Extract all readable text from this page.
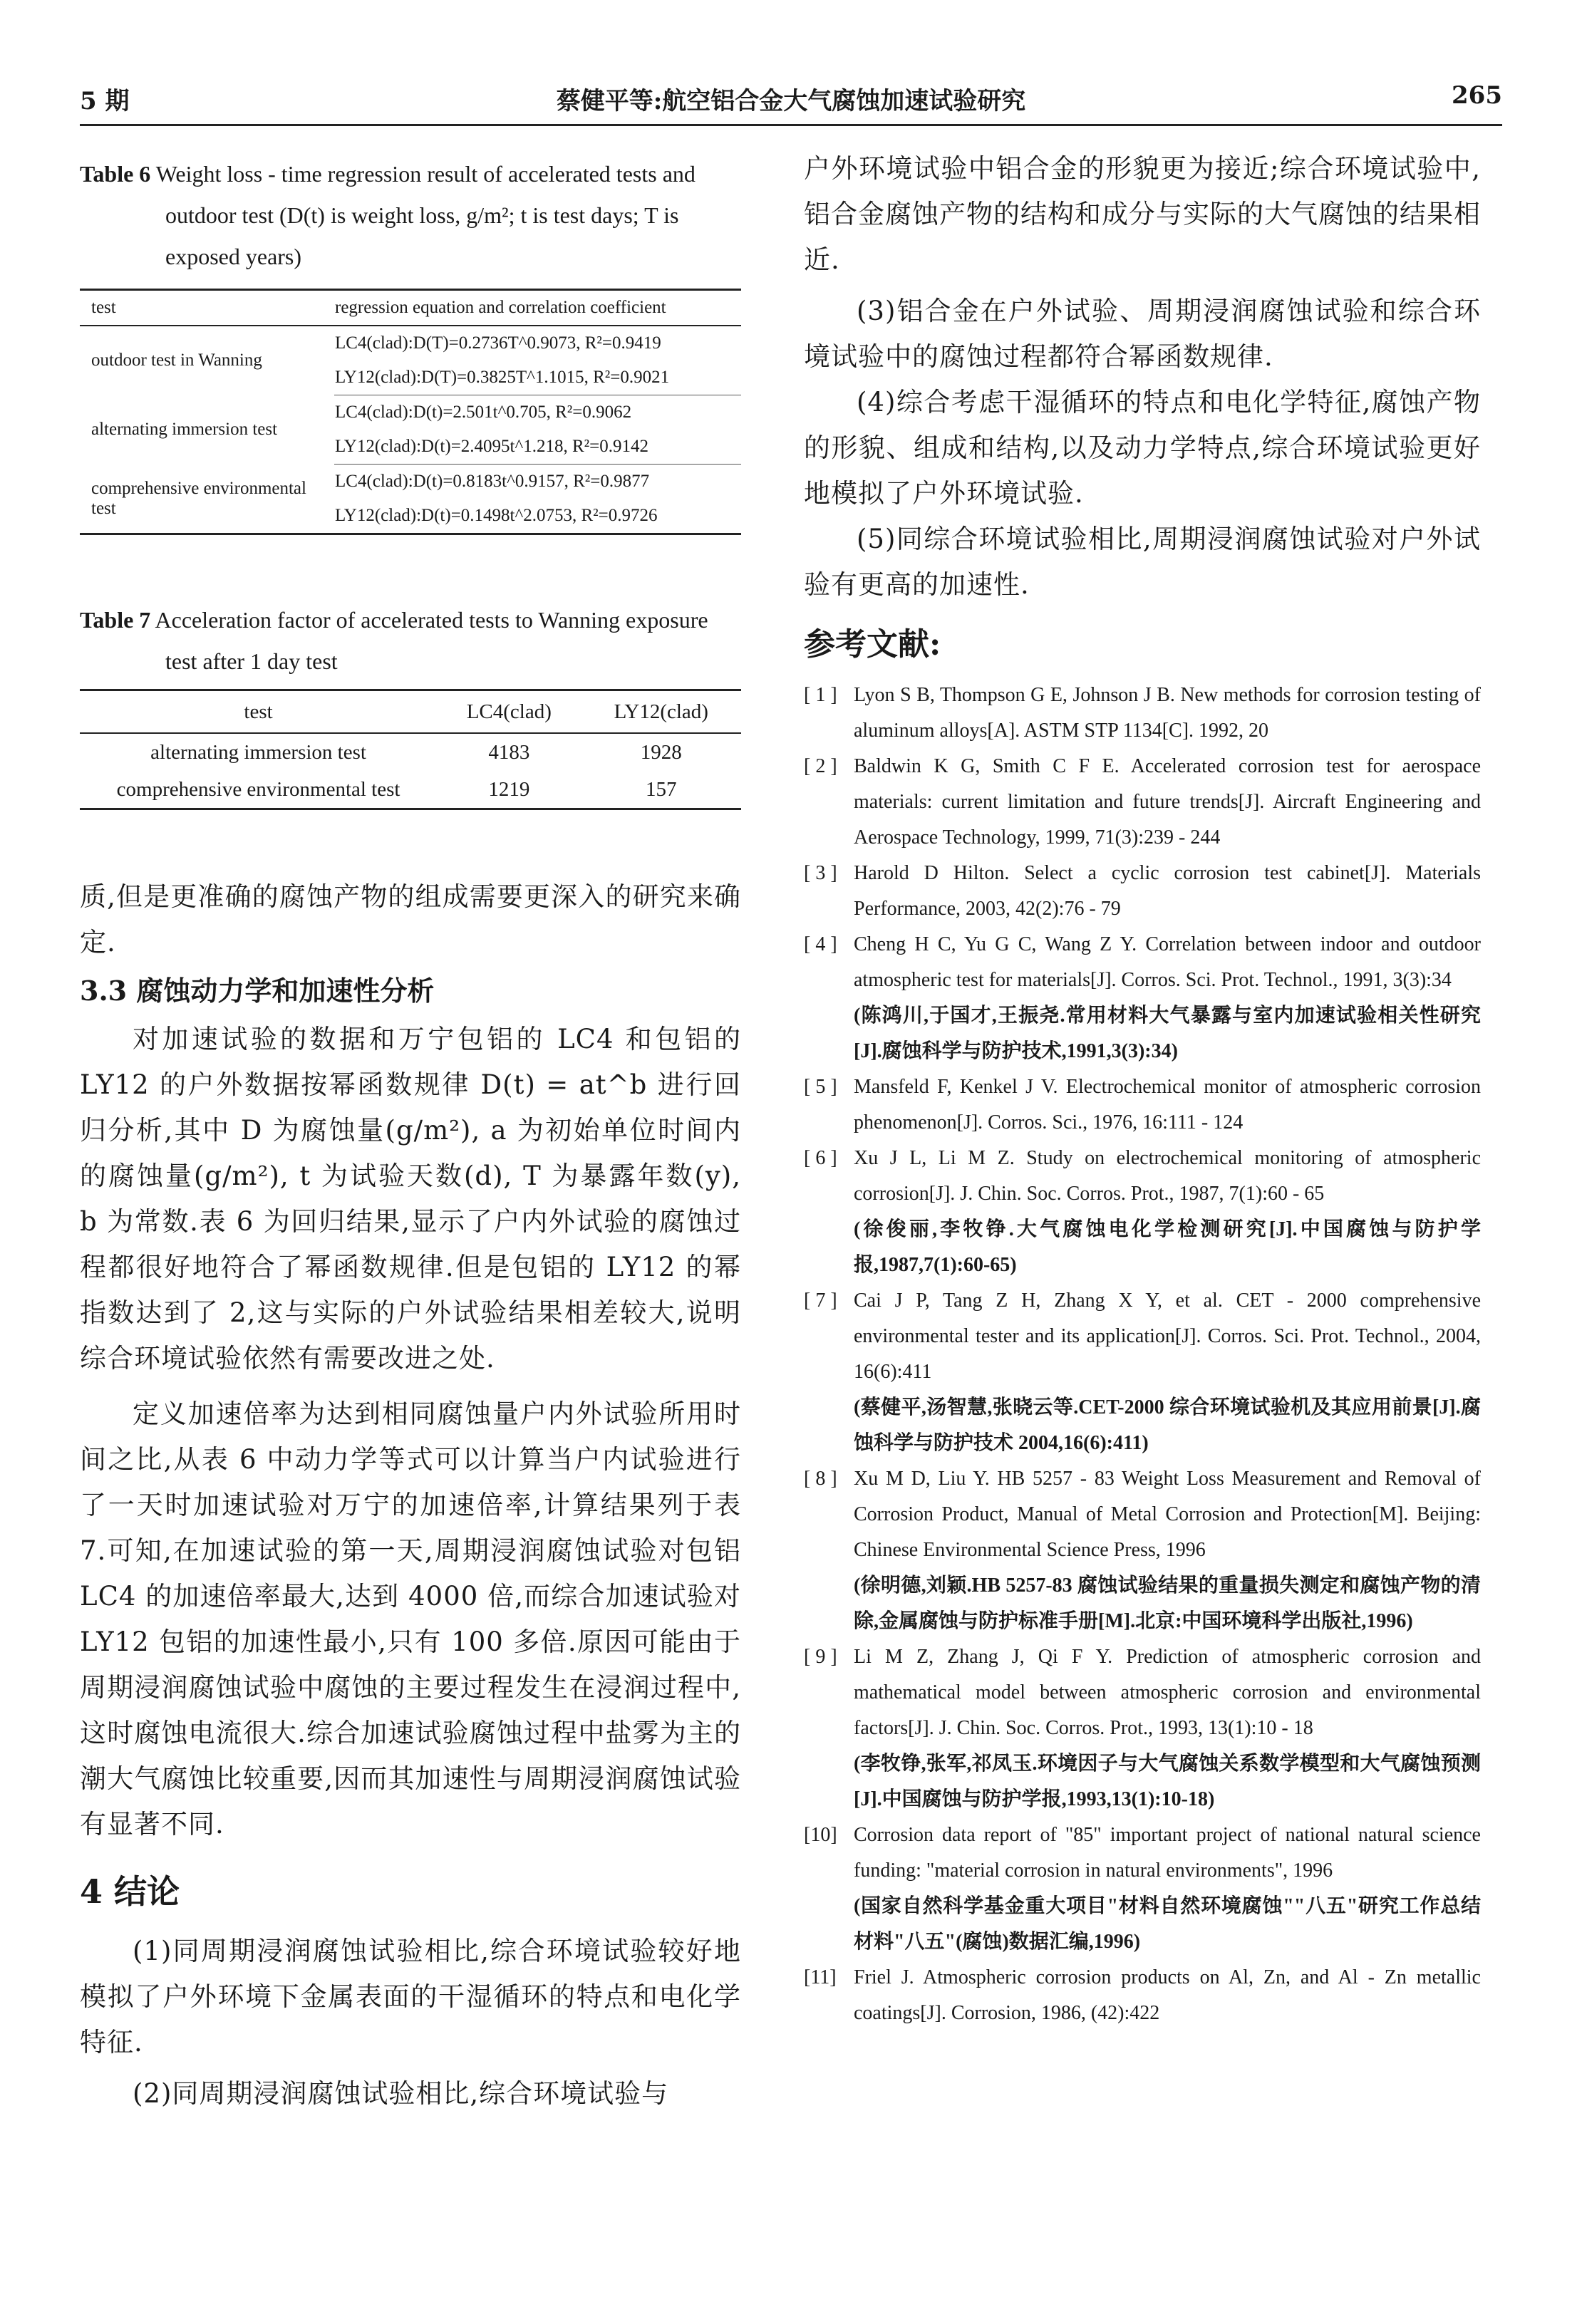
5 期	蔡健平等:航空铝合金大气腐蚀加速试验研究	265
Table 6 Weight loss - time regression result of accelerated tests and outdoor test (D(t) is weight loss, g/m²; t is test days; T is exposed years)
test	regression equation and correlation coefficient
outdoor test in Wanning	LC4(clad):D(T)=0.2736T^0.9073, R²=0.9419
	LY12(clad):D(T)=0.3825T^1.1015, R²=0.9021
alternating immersion test	LC4(clad):D(t)=2.501t^0.705, R²=0.9062
	LY12(clad):D(t)=2.4095t^1.218, R²=0.9142
comprehensive environmental test	LC4(clad):D(t)=0.8183t^0.9157, R²=0.9877
	LY12(clad):D(t)=0.1498t^2.0753, R²=0.9726
Table 7 Acceleration factor of accelerated tests to Wanning exposure test after 1 day test
test	LC4(clad)	LY12(clad)
alternating immersion test	4183	1928
comprehensive environmental test	1219	157

质,但是更准确的腐蚀产物的组成需要更深入的研究来确定.

3.3 腐蚀动力学和加速性分析

对加速试验的数据和万宁包铝的 LC4 和包铝的 LY12 的户外数据按幂函数规律 D(t) = at^b 进行回归分析,其中 D 为腐蚀量(g/m²), a 为初始单位时间内的腐蚀量(g/m²), t 为试验天数(d), T 为暴露年数(y), b 为常数.表 6 为回归结果,显示了户内外试验的腐蚀过程都很好地符合了幂函数规律.但是包铝的 LY12 的幂指数达到了 2,这与实际的户外试验结果相差较大,说明综合环境试验依然有需要改进之处.

定义加速倍率为达到相同腐蚀量户内外试验所用时间之比,从表 6 中动力学等式可以计算当户内试验进行了一天时加速试验对万宁的加速倍率,计算结果列于表 7.可知,在加速试验的第一天,周期浸润腐蚀试验对包铝 LC4 的加速倍率最大,达到 4000 倍,而综合加速试验对 LY12 包铝的加速性最小,只有 100 多倍.原因可能由于周期浸润腐蚀试验中腐蚀的主要过程发生在浸润过程中,这时腐蚀电流很大.综合加速试验腐蚀过程中盐雾为主的潮大气腐蚀比较重要,因而其加速性与周期浸润腐蚀试验有显著不同.

4 结论

(1)同周期浸润腐蚀试验相比,综合环境试验较好地模拟了户外环境下金属表面的干湿循环的特点和电化学特征.

(2)同周期浸润腐蚀试验相比,综合环境试验与

户外环境试验中铝合金的形貌更为接近;综合环境试验中,铝合金腐蚀产物的结构和成分与实际的大气腐蚀的结果相近.

(3)铝合金在户外试验、周期浸润腐蚀试验和综合环境试验中的腐蚀过程都符合幂函数规律.

(4)综合考虑干湿循环的特点和电化学特征,腐蚀产物的形貌、组成和结构,以及动力学特点,综合环境试验更好地模拟了户外环境试验.

(5)同综合环境试验相比,周期浸润腐蚀试验对户外试验有更高的加速性.

参考文献:
[ 1 ] Lyon S B, Thompson G E, Johnson J B. New methods for corrosion testing of aluminum alloys[A]. ASTM STP 1134[C]. 1992, 20
[ 2 ] Baldwin K G, Smith C F E. Accelerated corrosion test for aerospace materials: current limitation and future trends[J]. Aircraft Engineering and Aerospace Technology, 1999, 71(3):239 - 244
[ 3 ] Harold D Hilton. Select a cyclic corrosion test cabinet[J]. Materials Performance, 2003, 42(2):76 - 79
[ 4 ] Cheng H C, Yu G C, Wang Z Y. Correlation between indoor and outdoor atmospheric test for materials[J]. Corros. Sci. Prot. Technol., 1991, 3(3):34
(陈鸿川,于国才,王振尧.常用材料大气暴露与室内加速试验相关性研究[J].腐蚀科学与防护技术,1991,3(3):34)
[ 5 ] Mansfeld F, Kenkel J V. Electrochemical monitor of atmospheric corrosion phenomenon[J]. Corros. Sci., 1976, 16:111 - 124
[ 6 ] Xu J L, Li M Z. Study on electrochemical monitoring of atmospheric corrosion[J]. J. Chin. Soc. Corros. Prot., 1987, 7(1):60 - 65
(徐俊丽,李牧铮.大气腐蚀电化学检测研究[J].中国腐蚀与防护学报,1987,7(1):60-65)
[ 7 ] Cai J P, Tang Z H, Zhang X Y, et al. CET - 2000 comprehensive environmental tester and its application[J]. Corros. Sci. Prot. Technol., 2004, 16(6):411
(蔡健平,汤智慧,张晓云等.CET-2000 综合环境试验机及其应用前景[J].腐蚀科学与防护技术 2004,16(6):411)
[ 8 ] Xu M D, Liu Y. HB 5257 - 83 Weight Loss Measurement and Removal of Corrosion Product, Manual of Metal Corrosion and Protection[M]. Beijing: Chinese Environmental Science Press, 1996
(徐明德,刘颖.HB 5257-83 腐蚀试验结果的重量损失测定和腐蚀产物的清除,金属腐蚀与防护标准手册[M].北京:中国环境科学出版社,1996)
[ 9 ] Li M Z, Zhang J, Qi F Y. Prediction of atmospheric corrosion and mathematical model between atmospheric corrosion and environmental factors[J]. J. Chin. Soc. Corros. Prot., 1993, 13(1):10 - 18
(李牧铮,张军,祁凤玉.环境因子与大气腐蚀关系数学模型和大气腐蚀预测[J].中国腐蚀与防护学报,1993,13(1):10-18)
[10] Corrosion data report of "85" important project of national natural science funding: "material corrosion in natural environments", 1996
(国家自然科学基金重大项目"材料自然环境腐蚀""八五"研究工作总结材料"八五"(腐蚀)数据汇编,1996)
[11] Friel J. Atmospheric corrosion products on Al, Zn, and Al - Zn metallic coatings[J]. Corrosion, 1986, (42):422
